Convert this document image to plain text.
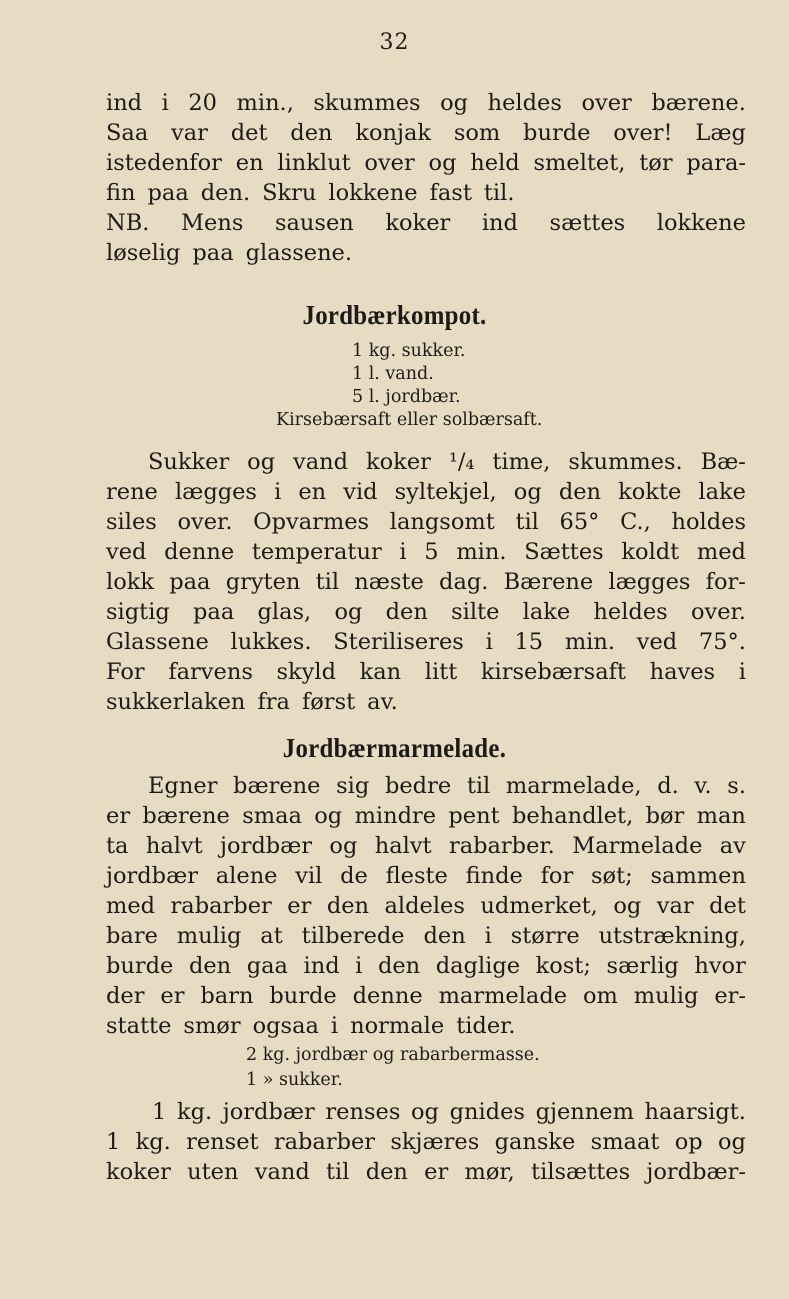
32
ind i 20 min., skummes og heldes over bærene.
Saa var det den konjak som burde over! Læg
istedenfor en linklut over og held smeltet, tør para-
fin paa den. Skru lokkene fast til.
NB. Mens sausen koker ind sættes lokkene
løselig paa glassene.
Jordbærkompot.
1 kg. sukker.
1 l. vand.
5 l. jordbær.
Kirsebærsaft eller solbærsaft.
Sukker og vand koker ¹/₄ time, skummes. Bæ-
rene lægges i en vid syltekjel, og den kokte lake
siles over. Opvarmes langsomt til 65° C., holdes
ved denne temperatur i 5 min. Sættes koldt med
lokk paa gryten til næste dag. Bærene lægges for-
sigtig paa glas, og den silte lake heldes over.
Glassene lukkes. Steriliseres i 15 min. ved 75°.
For farvens skyld kan litt kirsebærsaft haves i
sukkerlaken fra først av.
Jordbærmarmelade.
Egner bærene sig bedre til marmelade, d. v. s.
er bærene smaa og mindre pent behandlet, bør man
ta halvt jordbær og halvt rabarber. Marmelade av
jordbær alene vil de fleste finde for søt; sammen
med rabarber er den aldeles udmerket, og var det
bare mulig at tilberede den i større utstrækning,
burde den gaa ind i den daglige kost; særlig hvor
der er barn burde denne marmelade om mulig er-
statte smør ogsaa i normale tider.
2 kg. jordbær og rabarbermasse.
1 » sukker.
1 kg. jordbær renses og gnides gjennem haarsigt.
1 kg. renset rabarber skjæres ganske smaat op og
koker uten vand til den er mør, tilsættes jordbær-
